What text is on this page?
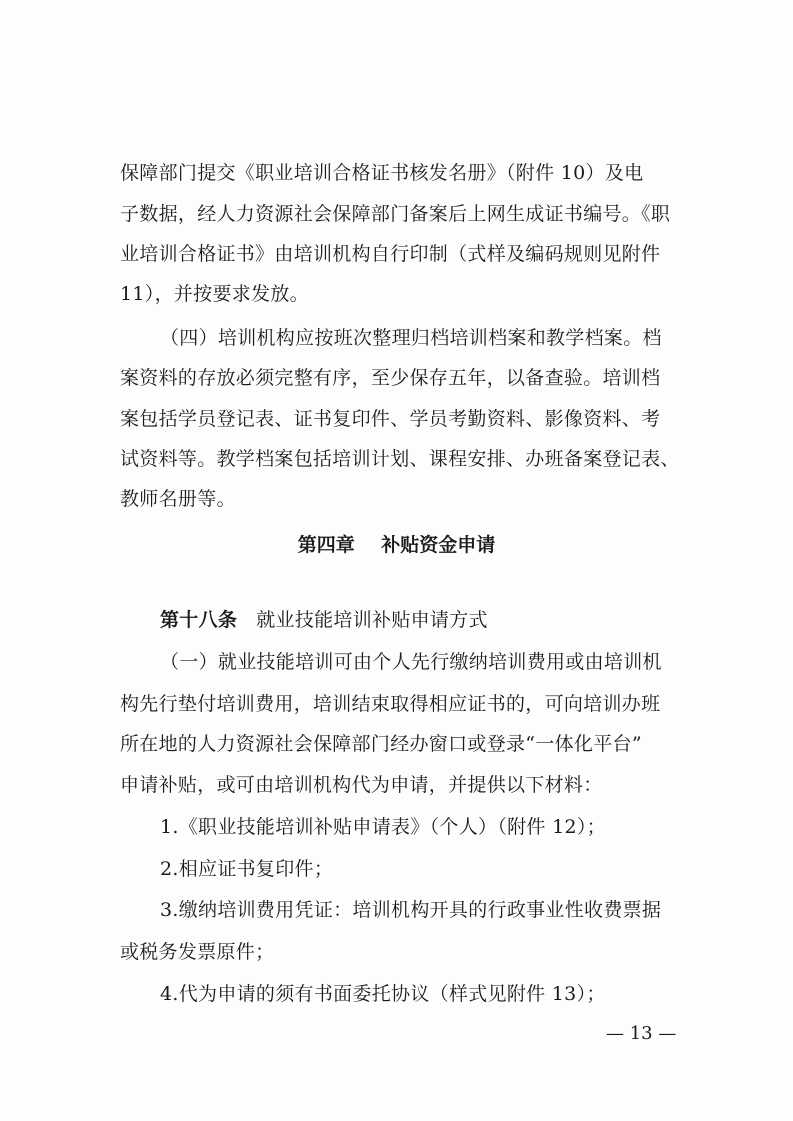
保障部门提交《职业培训合格证书核发名册》（附件 10）及电
子数据，经人力资源社会保障部门备案后上网生成证书编号。《职
业培训合格证书》由培训机构自行印制（式样及编码规则见附件
11），并按要求发放。
（四）培训机构应按班次整理归档培训档案和教学档案。档
案资料的存放必须完整有序，至少保存五年，以备查验。培训档
案包括学员登记表、证书复印件、学员考勤资料、影像资料、考
试资料等。教学档案包括培训计划、课程安排、办班备案登记表、
第四章    补贴资金申请
第十八条 就业技能培训补贴申请方式
（一）就业技能培训可由个人先行缴纳培训费用或由培训机
构先行垫付培训费用，培训结束取得相应证书的，可向培训办班
所在地的人力资源社会保障部门经办窗口或登录“一体化平台”
申请补贴，或可由培训机构代为申请，并提供以下材料：
1.《职业技能培训补贴申请表》（个人）（附件 12）；
2.相应证书复印件；
3.缴纳培训费用凭证：培训机构开具的行政事业性收费票据
或税务发票原件；
— 13 —
教师名册等。
4.代为申请的须有书面委托协议（样式见附件 13）；
